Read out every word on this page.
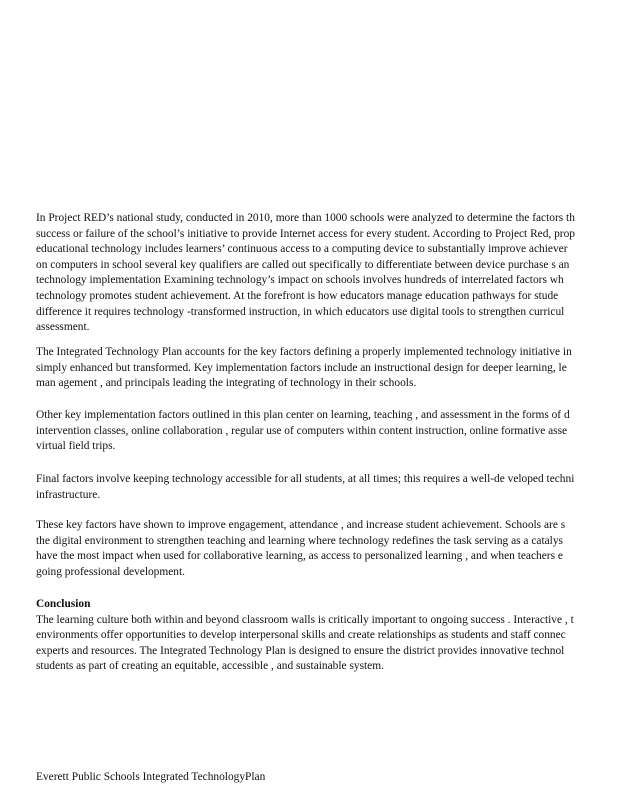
In Project RED’s national study, conducted in 2010, more than 1000 schools were analyzed to determine the factors th
success or failure of the school’s initiative to provide Internet access for every student. According to Project Red, prop
educational technology includes learners’ continuous access to a computing device to substantially improve achiever
on computers in school several key qualifiers are called out specifically to differentiate between device purchase s an
technology implementation Examining technology’s impact on schools involves hundreds of interrelated factors wh
technology promotes student achievement. At the forefront is how educators manage education pathways for stude
difference it requires technology -transformed instruction, in which educators use digital tools to strengthen curricul
assessment.
The Integrated Technology Plan accounts for the key factors defining a properly implemented technology initiative in
simply enhanced but transformed. Key implementation factors include an instructional design for deeper learning, le
man agement , and principals leading the integrating of technology in their schools.
Other key implementation factors outlined in this plan center on learning, teaching , and assessment in the forms of d
intervention classes, online collaboration , regular use of computers within content instruction, online formative asse
virtual field trips.
Final factors involve keeping technology accessible for all students, at all times; this requires a well-de veloped techni
infrastructure.
These key factors have shown to improve engagement, attendance , and increase student achievement. Schools are s
the digital environment to strengthen teaching and learning where technology redefines the task serving as a catalys
have the most impact when used for collaborative learning, as access to personalized learning , and when teachers e
going professional development.
Conclusion
The learning culture both within and beyond classroom walls is critically important to ongoing success . Interactive , t
environments offer opportunities to develop interpersonal skills and create relationships as students and staff connec
experts and resources. The Integrated Technology Plan is designed to ensure the district provides innovative technol
students as part of creating an equitable, accessible , and sustainable system.
Everett Public Schools Integrated TechnologyPlan
